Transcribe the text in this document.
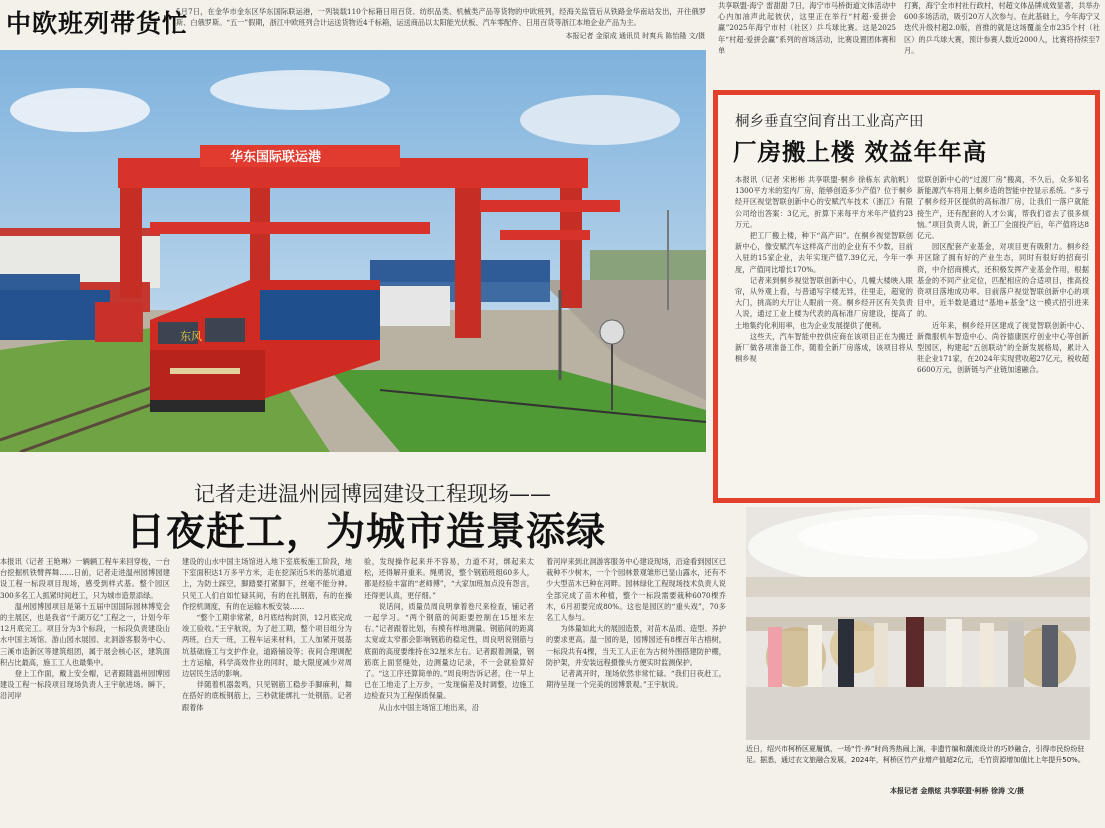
中欧班列带货忙
5月7日，在金华市金东区华东国际联运港，一列装载110个标箱日用百货、纺织品类、机械类产品等货物的中欧班列，经海关监管后从铁路金华南站发出，开往俄罗斯、白俄罗斯。“五一”假期，浙江中欧班列合计运送货物近4千标箱，运送商品以太阳能光伏板、汽车零配件、日用百货等浙江本地企业产品为主。
本报记者 金原成 通讯员 时爽兵 陈怡隆 文/摄
华东国际联运港
东风
共享联盟·海宁 雷甜甜 7日，海宁市马桥街道文体活动中心内加油声此起彼伏，这里正在举行“村超·爱拼会赢”2025年海宁市村（社区）乒乓球比赛。这是2025年“村超·爱拼会赢”系列的首场活动，比赛设置团体赛和单
打赛，海宁全市村社行政村，村超文体品牌成效显著，共举办600多场活动，吸引20万人次参与。在此基础上，今年海宁又迭代升级村超2.0版，首推的就是这场覆盖全市235个村（社区）的乒乓球大赛，预计参赛人数近2000人，比赛将持续至7月。
桐乡垂直空间育出工业高产田
厂房搬上楼 效益年年高
本报讯（记者 宋彬彬 共享联盟·桐乡 徐栋东 武航帆）1300平方米的室内厂房，能够创造多少产值？位于桐乡经开区视觉智联创新中心的安赋汽车技术（浙江）有限公司给出答案：3亿元，折算下来每平方米年产值约23万元。
　　把工厂搬上楼，种下“高产田”。在桐乡视觉智联创新中心，像安赋汽车这样高产出的企业有不少数，目前入驻的15家企业，去年实现产值7.39亿元，今年一季度，产值同比增长170%。
　　记者来到桐乡视觉智联创新中心，几幢大楼映入眼帘，从外观上看，与普通写字楼无异，往里走，超宽的大门，挑高的大厅让人眼前一亮。桐乡经开区有关负责人说，通过工业上楼为代表的高标准厂房建设，提高了土地集约化利用率，也为企业发展提供了便利。
　　这些天，汽车智能中控供应商在该项目正在为搬迁新厂做各项准备工作，随着全新厂房落成，该项目将从桐乡视
觉联创新中心的“过渡厂房”搬离，不久后，众多知名新能源汽车将用上桐乡造的智能中控显示系统。“多亏了桐乡经开区提供的高标准厂房，让我们一落户就能接生产，还有配套的人才公寓，帮我们省去了很多烦恼。”项目负责人说，新工厂全面投产后，年产值将达8亿元。
　　园区配套产业基金，对项目更有吸附力。桐乡经开区除了拥有好的产业生态，同时有很好的招商引资，中介招商模式，还积极发挥产业基金作用，根据基金的不同产业定位，匹配相应的合适项目，推高投资项目落地成功率。目前落户视觉智联创新中心的项目中，近半数是通过“基地+基金”这一模式招引进来的。
　　近年来，桐乡经开区建成了视觉智联创新中心、新微服机车智造中心、尚谷德康医疗创业中心等创新型园区，构建起“五创联动”的全新发展格局，累计入驻企业171家，在2024年实现营收超27亿元，税收超6600万元，创新链与产业链加速融合。
记者走进温州园博园建设工程现场——
日夜赶工，为城市造景添绿
本报讯（记者 王艳琳）一辆辆工程车来回穿梭，一台台挖掘机铁臂挥舞……日前，记者走进温州园博园建设工程一标段项目现场，感受到样式基。整个园区300多名工人抓紧时间赶工，只为城市造景添绿。
　　温州园博园项目是第十五届中国国际园林博览会的主展区，也是我省“千湖万亿”工程之一，计划今年12月底完工。项目分为3个标段，一标段负责建设山水中国主场馆、游山园水展园、北洞游客服务中心、三溪市造新区等建筑组团，属于展会核心区，建筑面积占比最高，施工工人也最集中。
　　登上工作面，戴上安全帽，记者跟随温州园博园建设工程一标段项目现场负责人王宇航进场。瞬下，沿河岸
建设的山水中国主场馆进入地下室底板施工阶段，地下室面积达1万多平方米，走在挖深近5米的基坑通道上，为防土踩空，脚踏要打紧脚下，丝毫不能分神。只见工人们自如忙碌其间，有的在扎钢筋，有的在操作挖机调度，有的在运输木板安装……
　　“整个工期非常紧，8月底结构封顶，12月底完成竣工验收。”王宇航说，为了赶工期，整个项目组分为两班，白天一班，工程车运来材料，工人加紧开展基坑基础施工与支护作业，道路铺设等；夜间合理调配土方运输，科学高效作业的同时，最大限度减少对周边居民生活的影响。
　　伴随着机器轰鸣，只见钢筋工稳步手脚麻利，舞在搭好的底板钢筋上，三秒就能绑扎一处钢筋。记者跟着体
验，发现操作起来并不容易，力道不对，绑起来太松，还得解开重来。绳勇说，整个钢筋班组60多人，都是经验丰富的“老师傅”，“大家加班加点没有怨言，还得更认真，更仔细。”
　　说话间，质量员周良明拿着卷尺来检查，铺记者一起学习。“两个钢筋的间距要控制在15厘米左右。”记者跟着比划，有模有样地测量。钢筋间的距离太宽或太窄都会影响钢筋的稳定性，周良明说钢筋与底面的高度要维持在32厘米左右。记者跟着测量，钢筋底上面竖缝处，边测量边记录，不一会就验算好了。“这工序还算简单的。”周良明告诉记者，住一早上已在工地走了上万步，一发现偏差及时调整，边施工边检查只为工程保质保量。
　　从山水中国主场馆工地出来，沿
着河岸来到北洞游客服务中心建设现场，沿途看到园区已栽种不少树木，一个个园林景观雏形已显山露水，还有不少大型苗木已种在河畔。园林绿化工程现场技术负责人说全部完成了苗木种植，整个一标段需要栽种6070棵乔木，6月初要完成80%。这也是园区的“重头戏”，70多名工人参与。
　　为体量如此大的展园造景，对苗木品质、造型、养护的要求更高。温一园的是，园博园还有8棵百年古榕树，一标段共有4棵，当天工人正在为古树外围搭建防护棚，防护架，并安装远程摄像头方便实时监测保护。
　　记者离开时，现场依然非常忙碌。“我们日夜赶工，期待呈现一个完美的园博景观。”王宇航说。
近日，绍兴市柯桥区夏履镇，一场“竹·养”时尚秀热闹上演，非遗竹编和潮流设计的巧妙融合，引得市民纷纷驻足。据悉，通过衣文旅融合发展，2024年，柯桥区竹产业增产值超2亿元，毛竹资源增加值比上年提升50%。
本报记者 金鼎炫 共享联盟·柯桥 徐涛 文/摄
